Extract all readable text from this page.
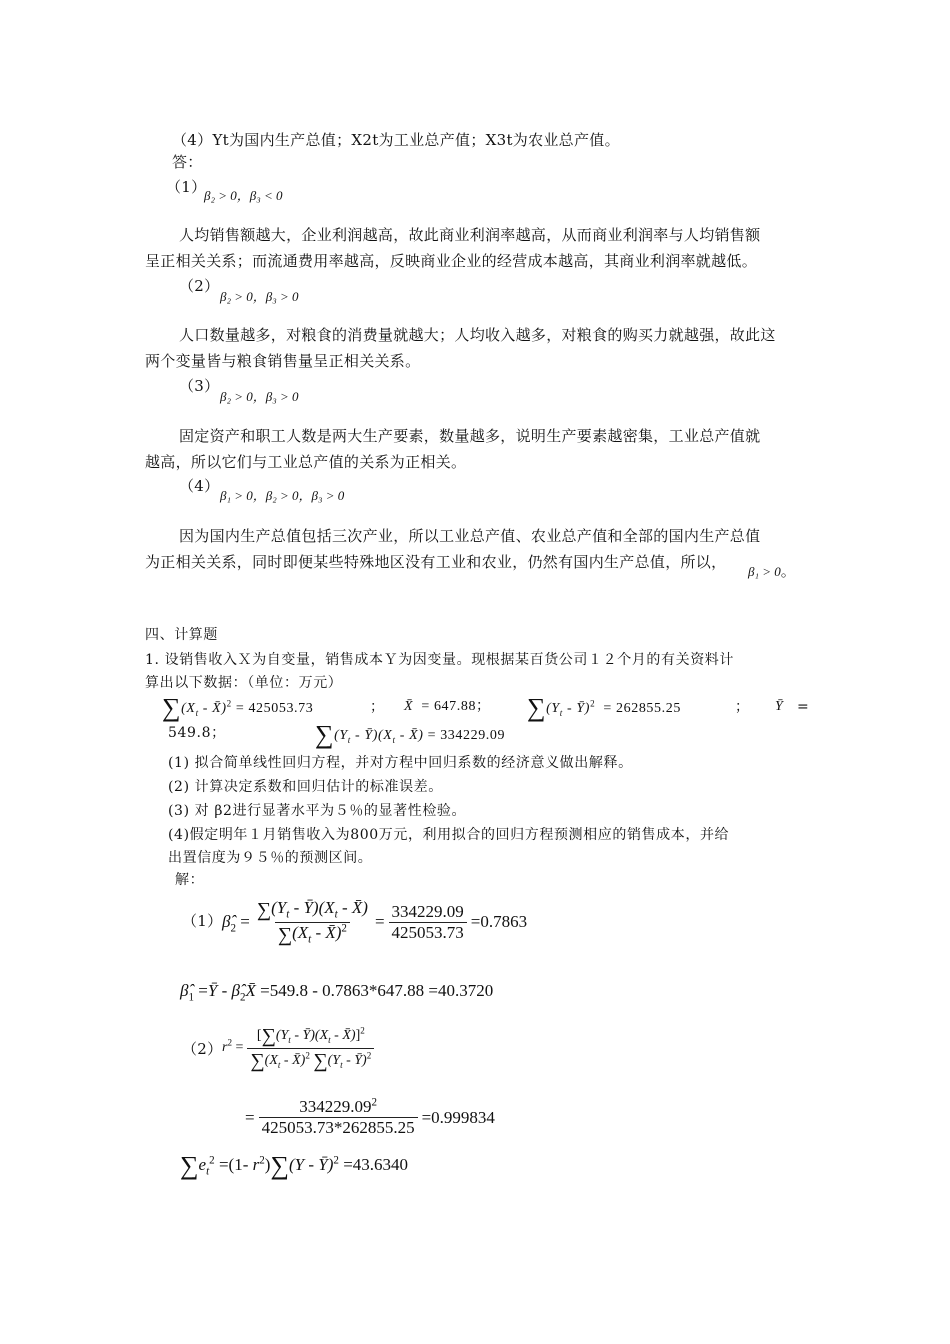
（4）Yt为国内生产总值；X2t为工业总产值；X3t为农业总产值。
答：
（1）
β₂ > 0，β₃ < 0
人均销售额越大，企业利润越高，故此商业利润率越高，从而商业利润率与人均销售额
呈正相关关系；而流通费用率越高，反映商业企业的经营成本越高，其商业利润率就越低。
（2）
β₂ > 0，β₃ > 0
人口数量越多，对粮食的消费量就越大；人均收入越多，对粮食的购买力就越强，故此这
两个变量皆与粮食销售量呈正相关关系。
（3）
β₂ > 0，β₃ > 0
固定资产和职工人数是两大生产要素，数量越多，说明生产要素越密集，工业总产值就
越高，所以它们与工业总产值的关系为正相关。
（4）
β₁ > 0，β₂ > 0，β₃ > 0
因为国内生产总值包括三次产业，所以工业总产值、农业总产值和全部的国内生产总值
为正相关关系，同时即便某些特殊地区没有工业和农业，仍然有国内生产总值，所以，
β₁ > 0。
四、计算题
1. 设销售收入Ｘ为自变量，销售成本Ｙ为因变量。现根据某百货公司１２个月的有关资料计
算出以下数据：（单位：万元）
$\sum(X_t$ - X̄)$^2$ = 425053.73	； X̄  = 647.88； $\sum(Y_t$ - Ȳ)$^2$  = 262855.25	； Ȳ =
549.8；	$\sum(Y_t$ - $Ȳ)(X_t$ - X̄) = 334229.09
(1) 拟合简单线性回归方程，并对方程中回归系数的经济意义做出解释。
(2) 计算决定系数和回归估计的标准误差。
(3) 对 β2进行显著水平为５％的显著性检验。
(4)假定明年１月销售收入为800万元，利用拟合的回归方程预测相应的销售成本，并给
出置信度为９５％的预测区间。
解：
（1） $\betâ_2 = \frac{\sum(Y_t - Ȳ)(X_t - X̄)}{\sum(X_t - X̄)^2} = \frac{334229.09}{425053.73} =0.7863$
$\betâ_1$ =Ȳ - $\betâ_2X̄ =549.8 - 0.7863*647.88 =40.3720$
（2） $r^2 = \frac{[\sum(Y_t - Ȳ)(X_t - X̄)]^2}{\sum(X_t - X̄)^2 \sum(Y_t - Ȳ)^2}$
= $\frac{334229.09^2}{425053.73*262855.25} =0.999834$
$\sum e_t^2 =(1-$ $r^2)\sum(Y$ - Ȳ)$^2$ =43.6340
